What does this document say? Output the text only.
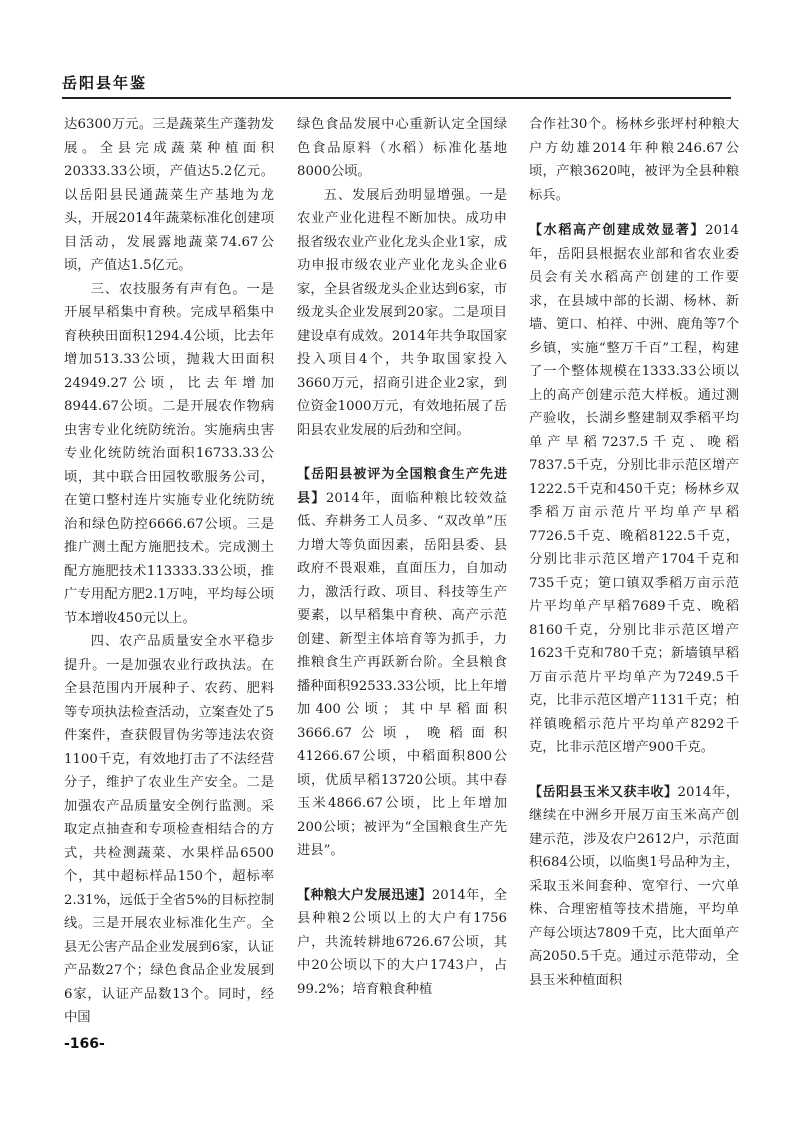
岳阳县年鉴

达6300万元。三是蔬菜生产蓬勃发展。全县完成蔬菜种植面积20333.33公顷，产值达5.2亿元。以岳阳县民通蔬菜生产基地为龙头，开展2014年蔬菜标准化创建项目活动，发展露地蔬菜74.67公顷，产值达1.5亿元。

三、农技服务有声有色。一是开展早稻集中育秧。完成早稻集中育秧秧田面积1294.4公顷，比去年增加513.33公顷，抛栽大田面积24949.27公顷，比去年增加8944.67公顷。二是开展农作物病虫害专业化统防统治。实施病虫害专业化统防统治面积16733.33公顷，其中联合田园牧歌服务公司，在筻口整村连片实施专业化统防统治和绿色防控6666.67公顷。三是推广测土配方施肥技术。完成测土配方施肥技术113333.33公顷，推广专用配方肥2.1万吨，平均每公顷节本增收450元以上。

四、农产品质量安全水平稳步提升。一是加强农业行政执法。在全县范围内开展种子、农药、肥料等专项执法检查活动，立案查处了5件案件，查获假冒伪劣等违法农资1100千克，有效地打击了不法经营分子，维护了农业生产安全。二是加强农产品质量安全例行监测。采取定点抽查和专项检查相结合的方式，共检测蔬菜、水果样品6500个，其中超标样品150个，超标率2.31%，远低于全省5%的目标控制线。三是开展农业标准化生产。全县无公害产品企业发展到6家，认证产品数27个；绿色食品企业发展到6家，认证产品数13个。同时，经中国

绿色食品发展中心重新认定全国绿色食品原料（水稻）标准化基地8000公顷。

五、发展后劲明显增强。一是农业产业化进程不断加快。成功申报省级农业产业化龙头企业1家，成功申报市级农业产业化龙头企业6家，全县省级龙头企业达到6家，市级龙头企业发展到20家。二是项目建设卓有成效。2014年共争取国家投入项目4个，共争取国家投入3660万元，招商引进企业2家，到位资金1000万元，有效地拓展了岳阳县农业发展的后劲和空间。

【岳阳县被评为全国粮食生产先进县】2014年，面临种粮比较效益低、弃耕务工人员多、“双改单”压力增大等负面因素，岳阳县委、县政府不畏艰难，直面压力，自加动力，激活行政、项目、科技等生产要素，以早稻集中育秧、高产示范创建、新型主体培育等为抓手，力推粮食生产再跃新台阶。全县粮食播种面积92533.33公顷，比上年增加400公顷；其中早稻面积3666.67公顷，晚稻面积41266.67公顷，中稻面积800公顷，优质早稻13720公顷。其中春玉米4866.67公顷，比上年增加200公顷；被评为“全国粮食生产先进县”。

【种粮大户发展迅速】2014年，全县种粮2公顷以上的大户有1756户，共流转耕地6726.67公顷，其中20公顷以下的大户1743户，占99.2%；培育粮食种植

合作社30个。杨林乡张坪村种粮大户方幼雄2014年种粮246.67公顷，产粮3620吨，被评为全县种粮标兵。

【水稻高产创建成效显著】2014年，岳阳县根据农业部和省农业委员会有关水稻高产创建的工作要求，在县域中部的长湖、杨林、新墙、筻口、柏祥、中洲、鹿角等7个乡镇，实施“整万千百”工程，构建了一个整体规模在1333.33公顷以上的高产创建示范大样板。通过测产验收，长湖乡整建制双季稻平均单产早稻7237.5千克、晚稻7837.5千克，分别比非示范区增产1222.5千克和450千克；杨林乡双季稻万亩示范片平均单产早稻7726.5千克、晚稻8122.5千克，分别比非示范区增产1704千克和735千克；筻口镇双季稻万亩示范片平均单产早稻7689千克、晚稻8160千克，分别比非示范区增产1623千克和780千克；新墙镇早稻万亩示范片平均单产为7249.5千克，比非示范区增产1131千克；柏祥镇晚稻示范片平均单产8292千克，比非示范区增产900千克。

【岳阳县玉米又获丰收】2014年，继续在中洲乡开展万亩玉米高产创建示范，涉及农户2612户，示范面积684公顷，以临奥1号品种为主，采取玉米间套种、宽窄行、一穴单株、合理密植等技术措施，平均单产每公顷达7809千克，比大面单产高2050.5千克。通过示范带动，全县玉米种植面积

-166-
